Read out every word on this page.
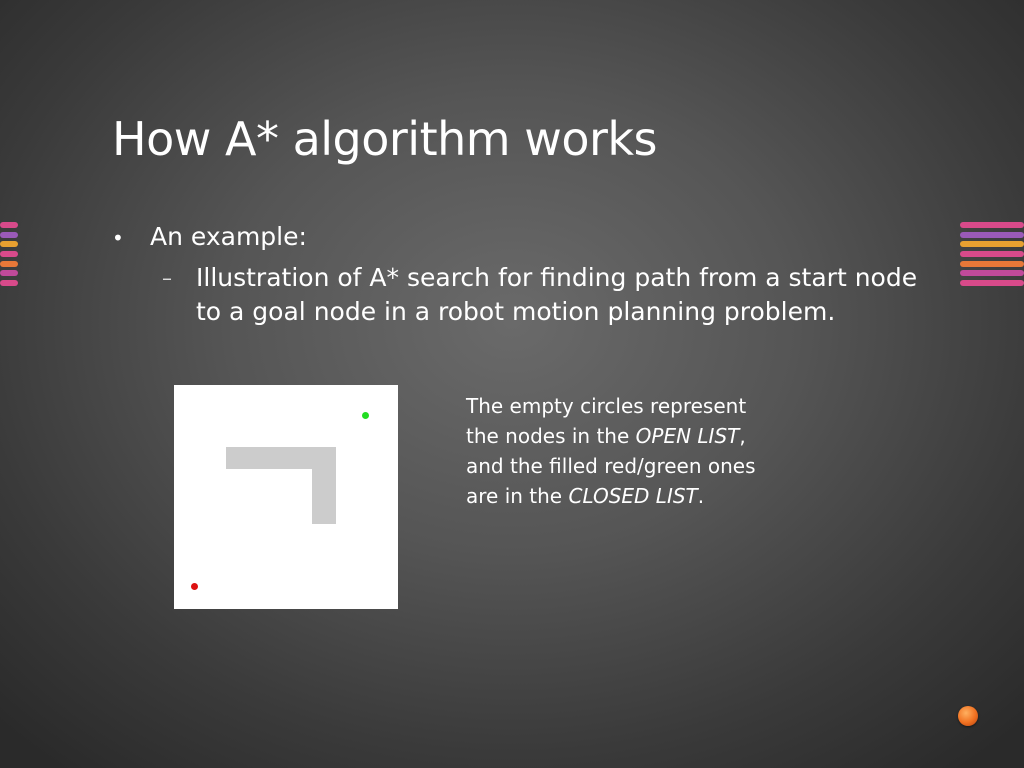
How A* algorithm works
• An example:
– Illustration of A* search for finding path from a start node to a goal node in a robot motion planning problem.
The empty circles represent
the nodes in the OPEN LIST,
and the filled red/green ones
are in the CLOSED LIST.
